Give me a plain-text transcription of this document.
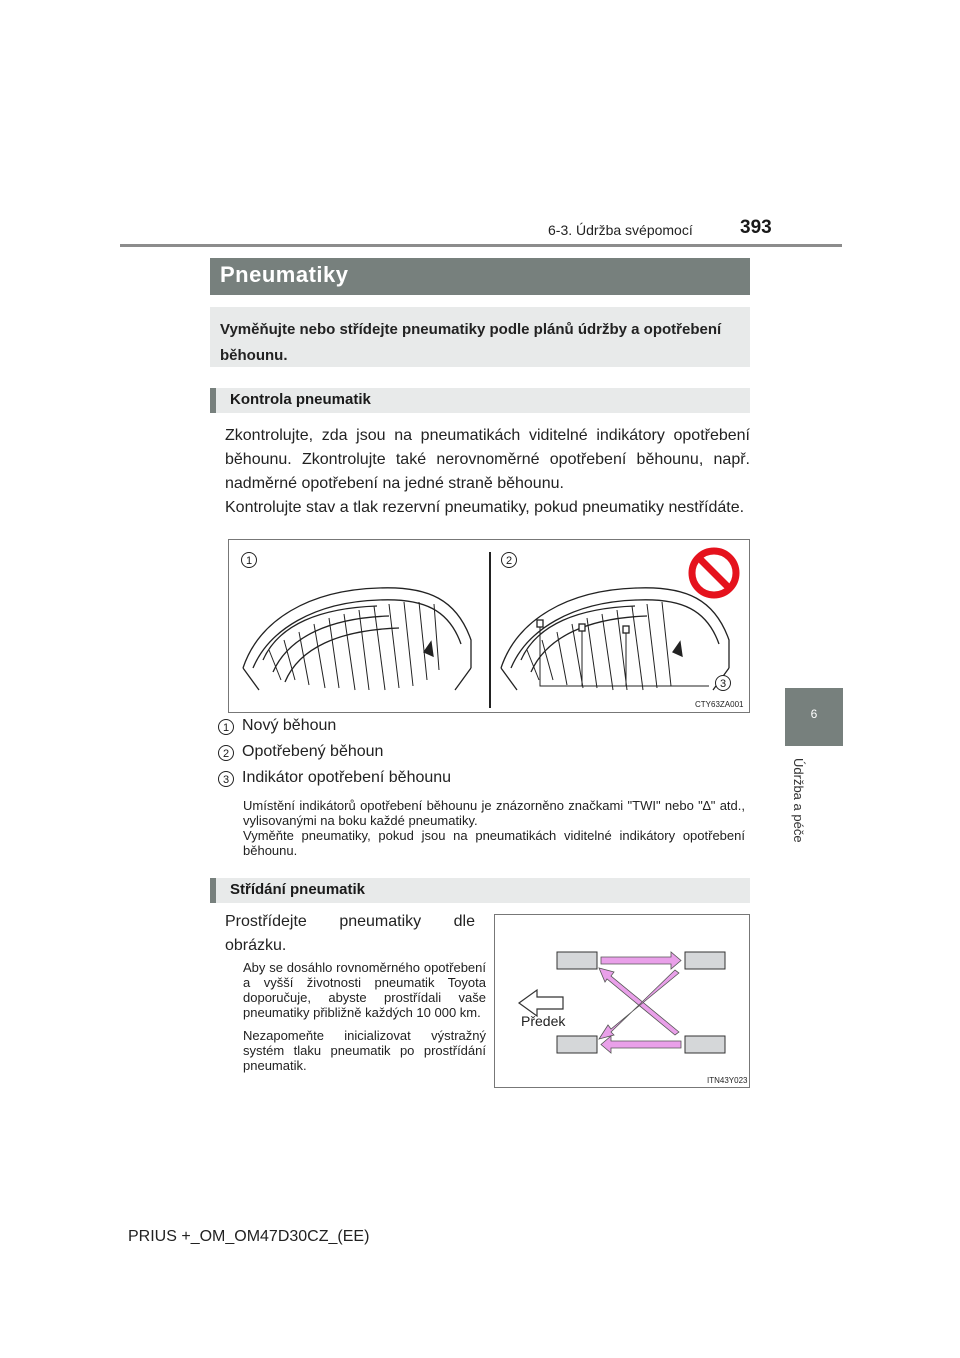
6-3. Údržba svépomocí 393
6
Údržba a péče
Pneumatiky
Vyměňujte nebo střídejte pneumatiky podle plánů údržby a opotřebení běhounu.
Kontrola pneumatik
Zkontrolujte, zda jsou na pneumatikách viditelné indikátory opotřebení běhounu. Zkontrolujte také nerovnoměrné opotřebení běhounu, např. nadměrné opotřebení na jedné straně běhounu.
Kontrolujte stav a tlak rezervní pneumatiky, pokud pneumatiky nestřídáte.
1	2
3
CTY63ZA001
1 Nový běhoun
2 Opotřebený běhoun
3 Indikátor opotřebení běhounu
Umístění indikátorů opotřebení běhounu je znázorněno značkami "TWI" nebo "∆" atd., vylisovanými na boku každé pneumatiky.
Vyměňte pneumatiky, pokud jsou na pneumatikách viditelné indikátory opotřebení běhounu.
Střídání pneumatik
Prostřídejte pneumatiky dle obrázku.
Aby se dosáhlo rovnoměrného opotřebení a vyšší životnosti pneumatik Toyota doporučuje, abyste prostřídali vaše pneumatiky přibližně každých 10 000 km.
Nezapomeňte inicializovat výstražný systém tlaku pneumatik po prostřídání pneumatik.
Předek
ITN43Y023
PRIUS +_OM_OM47D30CZ_(EE)
